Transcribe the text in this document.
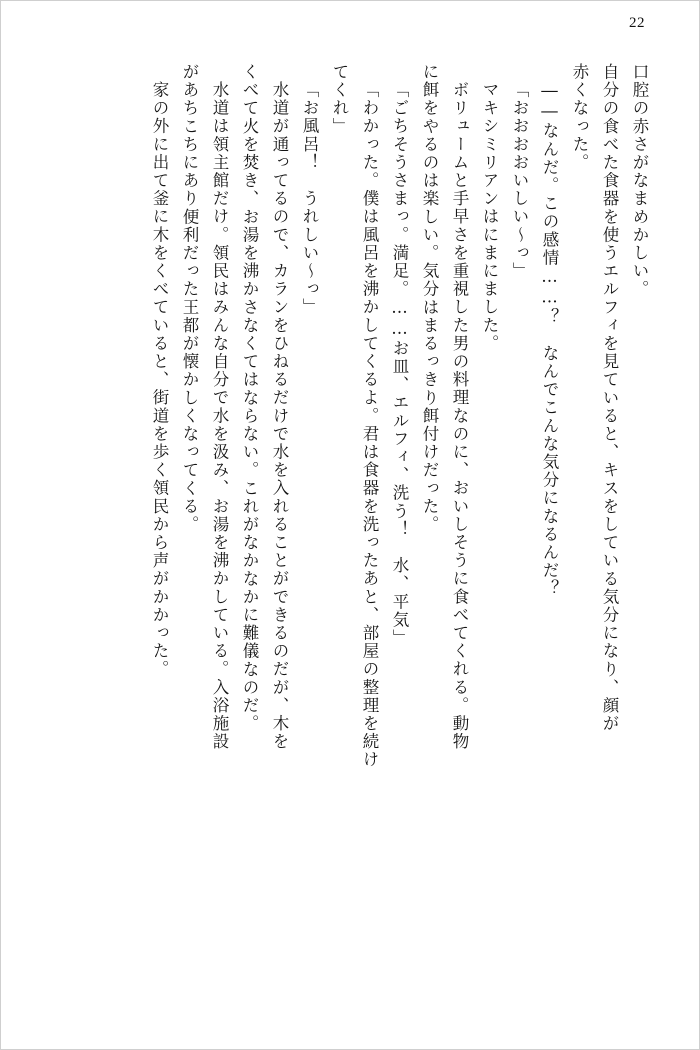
22
口腔の赤さがなまめかしい。
自分の食べた食器を使うエルフィを見ていると、キスをしている気分になり、顔が
赤くなった。
――なんだ。この感情……？　なんでこんな気分になるんだ？
「おおおおいしい～っ」
マキシミリアンはにまにました。
ボリュームと手早さを重視した男の料理なのに、おいしそうに食べてくれる。動物
に餌をやるのは楽しい。気分はまるっきり餌付けだった。
「ごちそうさまっ。満足。……お皿、エルフィ、洗う！　水、平気」
「わかった。僕は風呂を沸かしてくるよ。君は食器を洗ったあと、部屋の整理を続け
てくれ」
「お風呂！　うれしい～っ」
水道が通ってるので、カランをひねるだけで水を入れることができるのだが、木を
くべて火を焚き、お湯を沸かさなくてはならない。これがなかなかに難儀なのだ。
水道は領主館だけ。領民はみんな自分で水を汲み、お湯を沸かしている。入浴施設
があちこちにあり便利だった王都が懐かしくなってくる。
家の外に出て釜に木をくべていると、街道を歩く領民から声がかかった。
